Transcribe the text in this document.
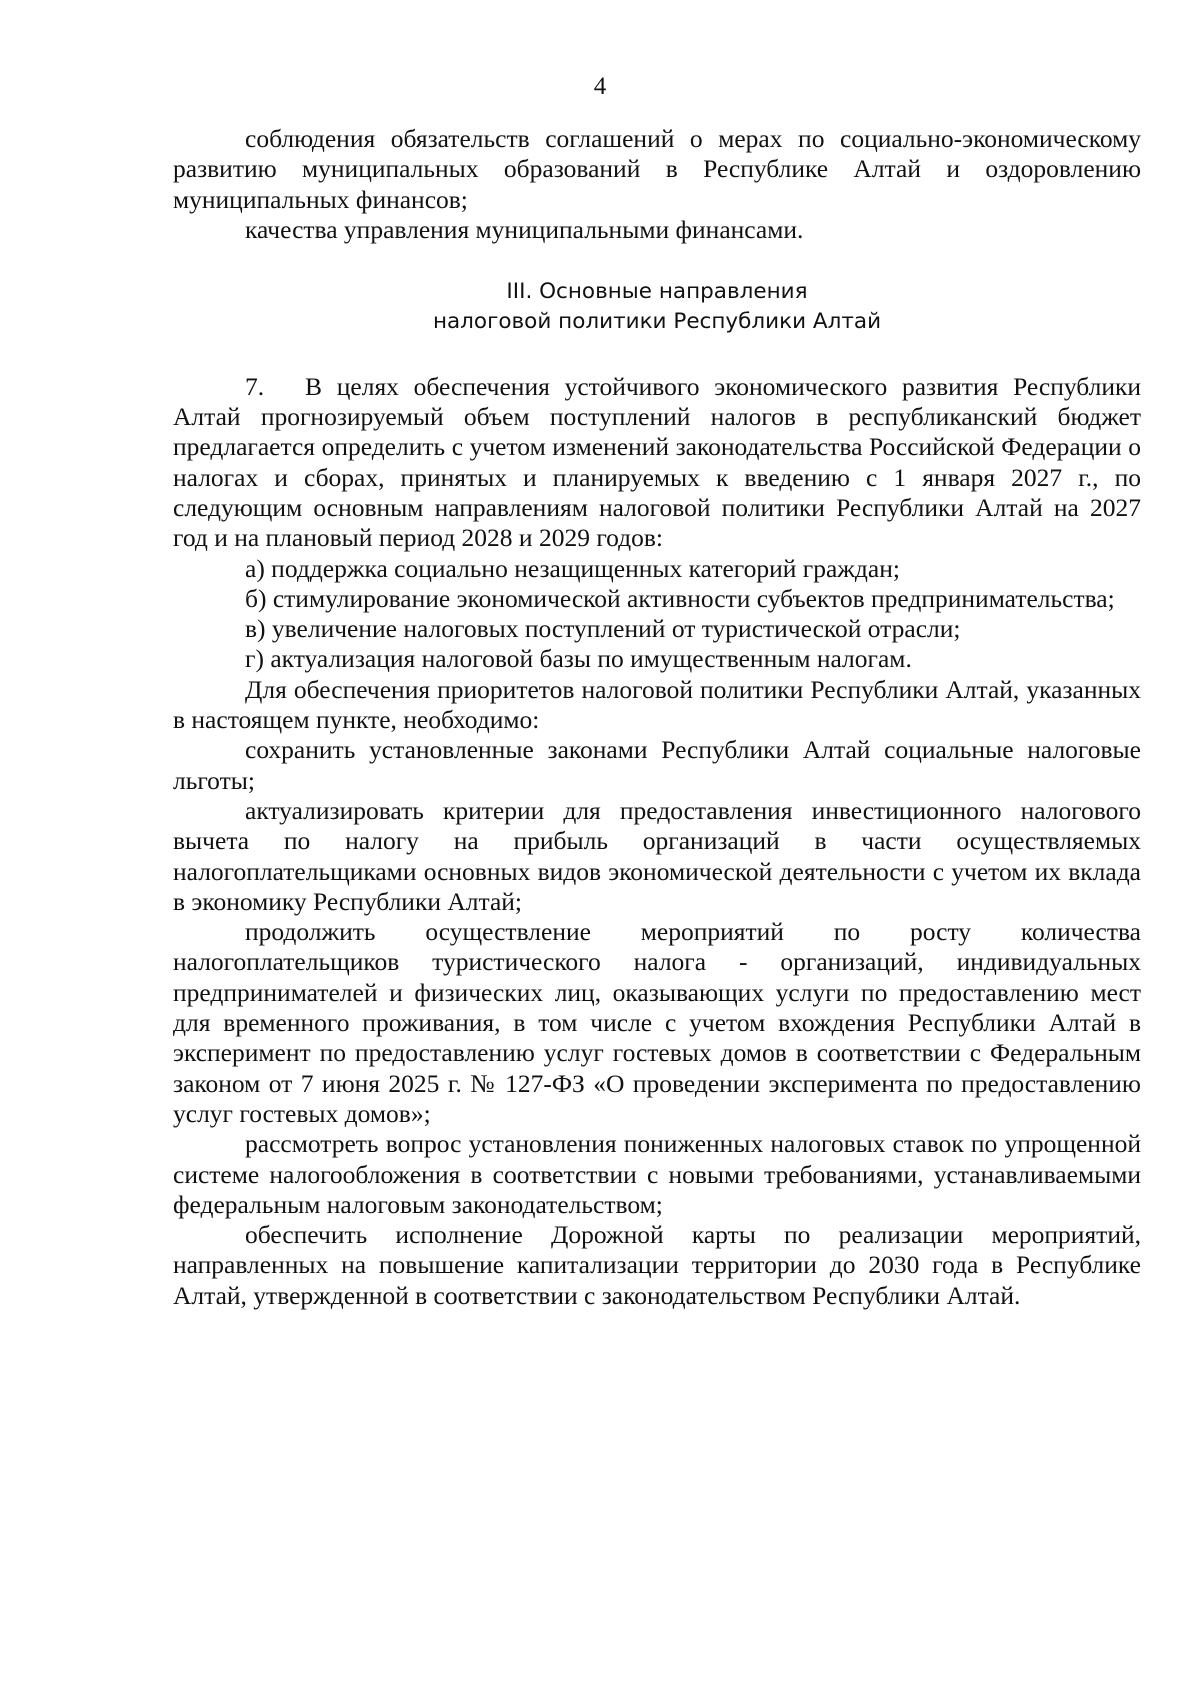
4

соблюдения обязательств соглашений о мерах по социально-экономическому развитию муниципальных образований в Республике Алтай и оздоровлению муниципальных финансов;

качества управления муниципальными финансами.

III. Основные направления
налоговой политики Республики Алтай

7. В целях обеспечения устойчивого экономического развития Республики Алтай прогнозируемый объем поступлений налогов в республиканский бюджет предлагается определить с учетом изменений законодательства Российской Федерации о налогах и сборах, принятых и планируемых к введению с 1 января 2027 г., по следующим основным направлениям налоговой политики Республики Алтай на 2027 год и на плановый период 2028 и 2029 годов:

а) поддержка социально незащищенных категорий граждан;

б) стимулирование экономической активности субъектов предпринимательства;

в) увеличение налоговых поступлений от туристической отрасли;

г) актуализация налоговой базы по имущественным налогам.

Для обеспечения приоритетов налоговой политики Республики Алтай, указанных в настоящем пункте, необходимо:

сохранить установленные законами Республики Алтай социальные налоговые льготы;

актуализировать критерии для предоставления инвестиционного налогового вычета по налогу на прибыль организаций в части осуществляемых налогоплательщиками основных видов экономической деятельности с учетом их вклада в экономику Республики Алтай;

продолжить осуществление мероприятий по росту количества налогоплательщиков туристического налога - организаций, индивидуальных предпринимателей и физических лиц, оказывающих услуги по предоставлению мест для временного проживания, в том числе с учетом вхождения Республики Алтай в эксперимент по предоставлению услуг гостевых домов в соответствии с Федеральным законом от 7 июня 2025 г. № 127-ФЗ «О проведении эксперимента по предоставлению услуг гостевых домов»;

рассмотреть вопрос установления пониженных налоговых ставок по упрощенной системе налогообложения в соответствии с новыми требованиями, устанавливаемыми федеральным налоговым законодательством;

обеспечить исполнение Дорожной карты по реализации мероприятий, направленных на повышение капитализации территории до 2030 года в Республике Алтай, утвержденной в соответствии с законодательством Республики Алтай.
